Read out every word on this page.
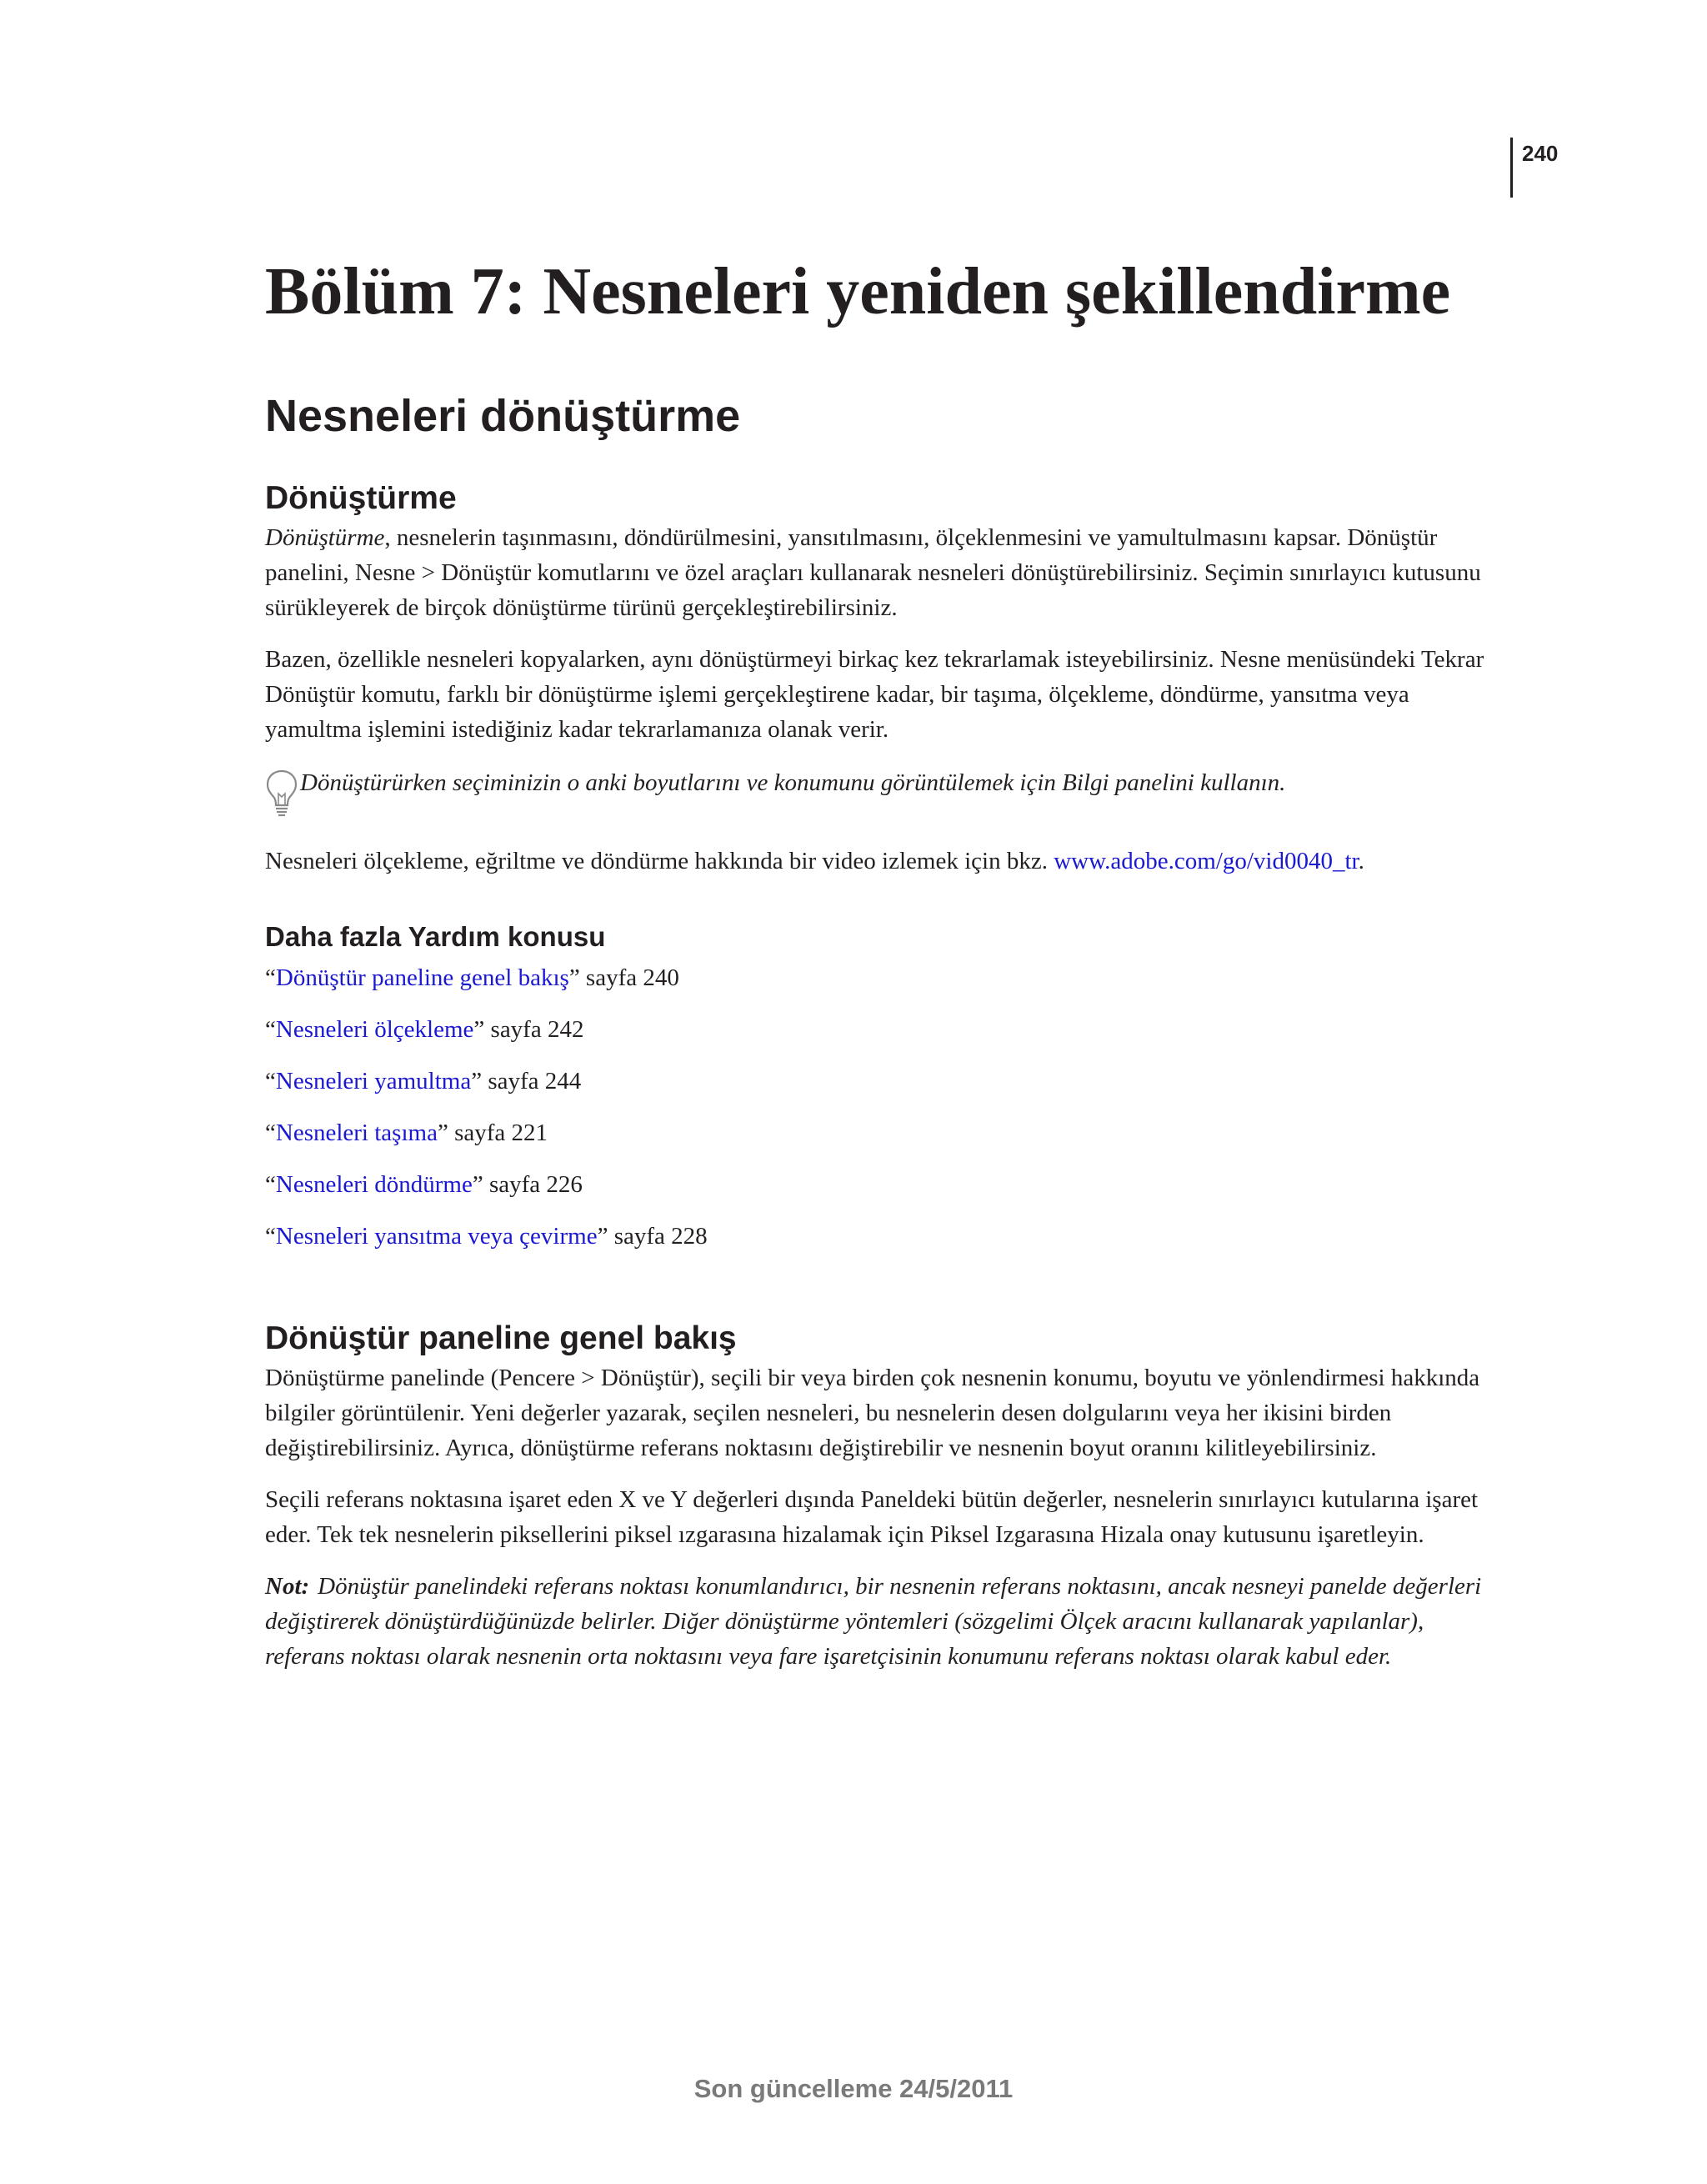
240
Bölüm 7: Nesneleri yeniden şekillendirme
Nesneleri dönüştürme
Dönüştürme

Dönüştürme, nesnelerin taşınmasını, döndürülmesini, yansıtılmasını, ölçeklenmesini ve yamultulmasını kapsar. Dönüştür panelini, Nesne > Dönüştür komutlarını ve özel araçları kullanarak nesneleri dönüştürebilirsiniz. Seçimin sınırlayıcı kutusunu sürükleyerek de birçok dönüştürme türünü gerçekleştirebilirsiniz.

Bazen, özellikle nesneleri kopyalarken, aynı dönüştürmeyi birkaç kez tekrarlamak isteyebilirsiniz. Nesne menüsündeki Tekrar Dönüştür komutu, farklı bir dönüştürme işlemi gerçekleştirene kadar, bir taşıma, ölçekleme, döndürme, yansıtma veya yamultma işlemini istediğiniz kadar tekrarlamanıza olanak verir.

Dönüştürürken seçiminizin o anki boyutlarını ve konumunu görüntülemek için Bilgi panelini kullanın.

Nesneleri ölçekleme, eğriltme ve döndürme hakkında bir video izlemek için bkz. www.adobe.com/go/vid0040_tr.

Daha fazla Yardım konusu
“Dönüştür paneline genel bakış” sayfa 240
“Nesneleri ölçekleme” sayfa 242
“Nesneleri yamultma” sayfa 244
“Nesneleri taşıma” sayfa 221
“Nesneleri döndürme” sayfa 226
“Nesneleri yansıtma veya çevirme” sayfa 228
Dönüştür paneline genel bakış

Dönüştürme panelinde (Pencere > Dönüştür), seçili bir veya birden çok nesnenin konumu, boyutu ve yönlendirmesi hakkında bilgiler görüntülenir. Yeni değerler yazarak, seçilen nesneleri, bu nesnelerin desen dolgularını veya her ikisini birden değiştirebilirsiniz. Ayrıca, dönüştürme referans noktasını değiştirebilir ve nesnenin boyut oranını kilitleyebilirsiniz.

Seçili referans noktasına işaret eden X ve Y değerleri dışında Paneldeki bütün değerler, nesnelerin sınırlayıcı kutularına işaret eder. Tek tek nesnelerin piksellerini piksel ızgarasına hizalamak için Piksel Izgarasına Hizala onay kutusunu işaretleyin.

Not: Dönüştür panelindeki referans noktası konumlandırıcı, bir nesnenin referans noktasını, ancak nesneyi panelde değerleri değiştirerek dönüştürdüğünüzde belirler. Diğer dönüştürme yöntemleri (sözgelimi Ölçek aracını kullanarak yapılanlar), referans noktası olarak nesnenin orta noktasını veya fare işaretçisinin konumunu referans noktası olarak kabul eder.

Son güncelleme 24/5/2011
